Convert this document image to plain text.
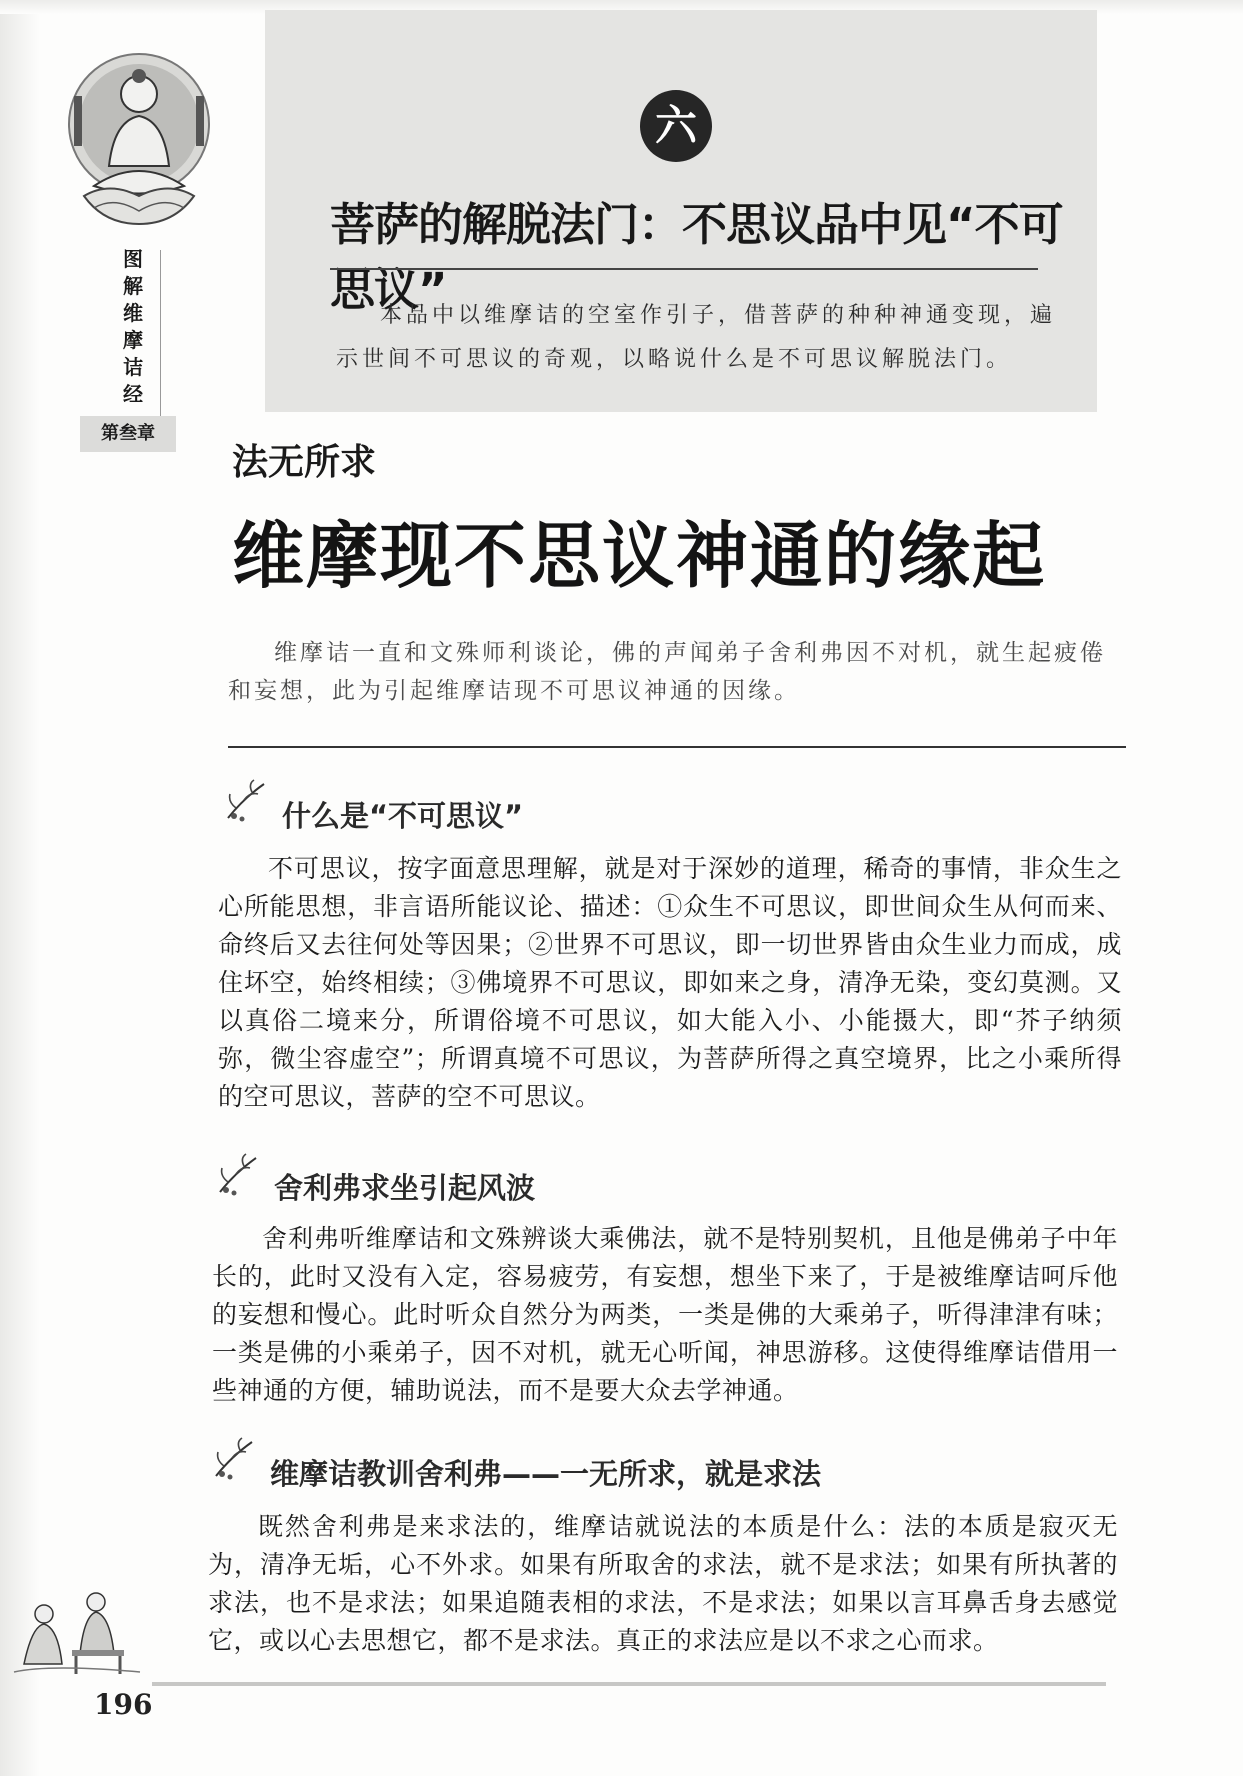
六
菩萨的解脱法门：不思议品中见“不可思议”
本品中以维摩诘的空室作引子，借菩萨的种种神通变现，遍示世间不可思议的奇观，以略说什么是不可思议解脱法门。
图解维摩诘经
第叁章
法无所求
维摩现不思议神通的缘起
维摩诘一直和文殊师利谈论，佛的声闻弟子舍利弗因不对机，就生起疲倦和妄想，此为引起维摩诘现不可思议神通的因缘。
什么是“不可思议”
不可思议，按字面意思理解，就是对于深妙的道理，稀奇的事情，非众生之心所能思想，非言语所能议论、描述：①众生不可思议，即世间众生从何而来、命终后又去往何处等因果；②世界不可思议，即一切世界皆由众生业力而成，成住坏空，始终相续；③佛境界不可思议，即如来之身，清净无染，变幻莫测。又以真俗二境来分，所谓俗境不可思议，如大能入小、小能摄大，即“芥子纳须弥，微尘容虚空”；所谓真境不可思议，为菩萨所得之真空境界，比之小乘所得的空可思议，菩萨的空不可思议。
舍利弗求坐引起风波
舍利弗听维摩诘和文殊辨谈大乘佛法，就不是特别契机，且他是佛弟子中年长的，此时又没有入定，容易疲劳，有妄想，想坐下来了，于是被维摩诘呵斥他的妄想和慢心。此时听众自然分为两类，一类是佛的大乘弟子，听得津津有味；一类是佛的小乘弟子，因不对机，就无心听闻，神思游移。这使得维摩诘借用一些神通的方便，辅助说法，而不是要大众去学神通。
维摩诘教训舍利弗——一无所求，就是求法
既然舍利弗是来求法的，维摩诘就说法的本质是什么：法的本质是寂灭无为，清净无垢，心不外求。如果有所取舍的求法，就不是求法；如果有所执著的求法，也不是求法；如果追随表相的求法，不是求法；如果以言耳鼻舌身去感觉它，或以心去思想它，都不是求法。真正的求法应是以不求之心而求。
196
